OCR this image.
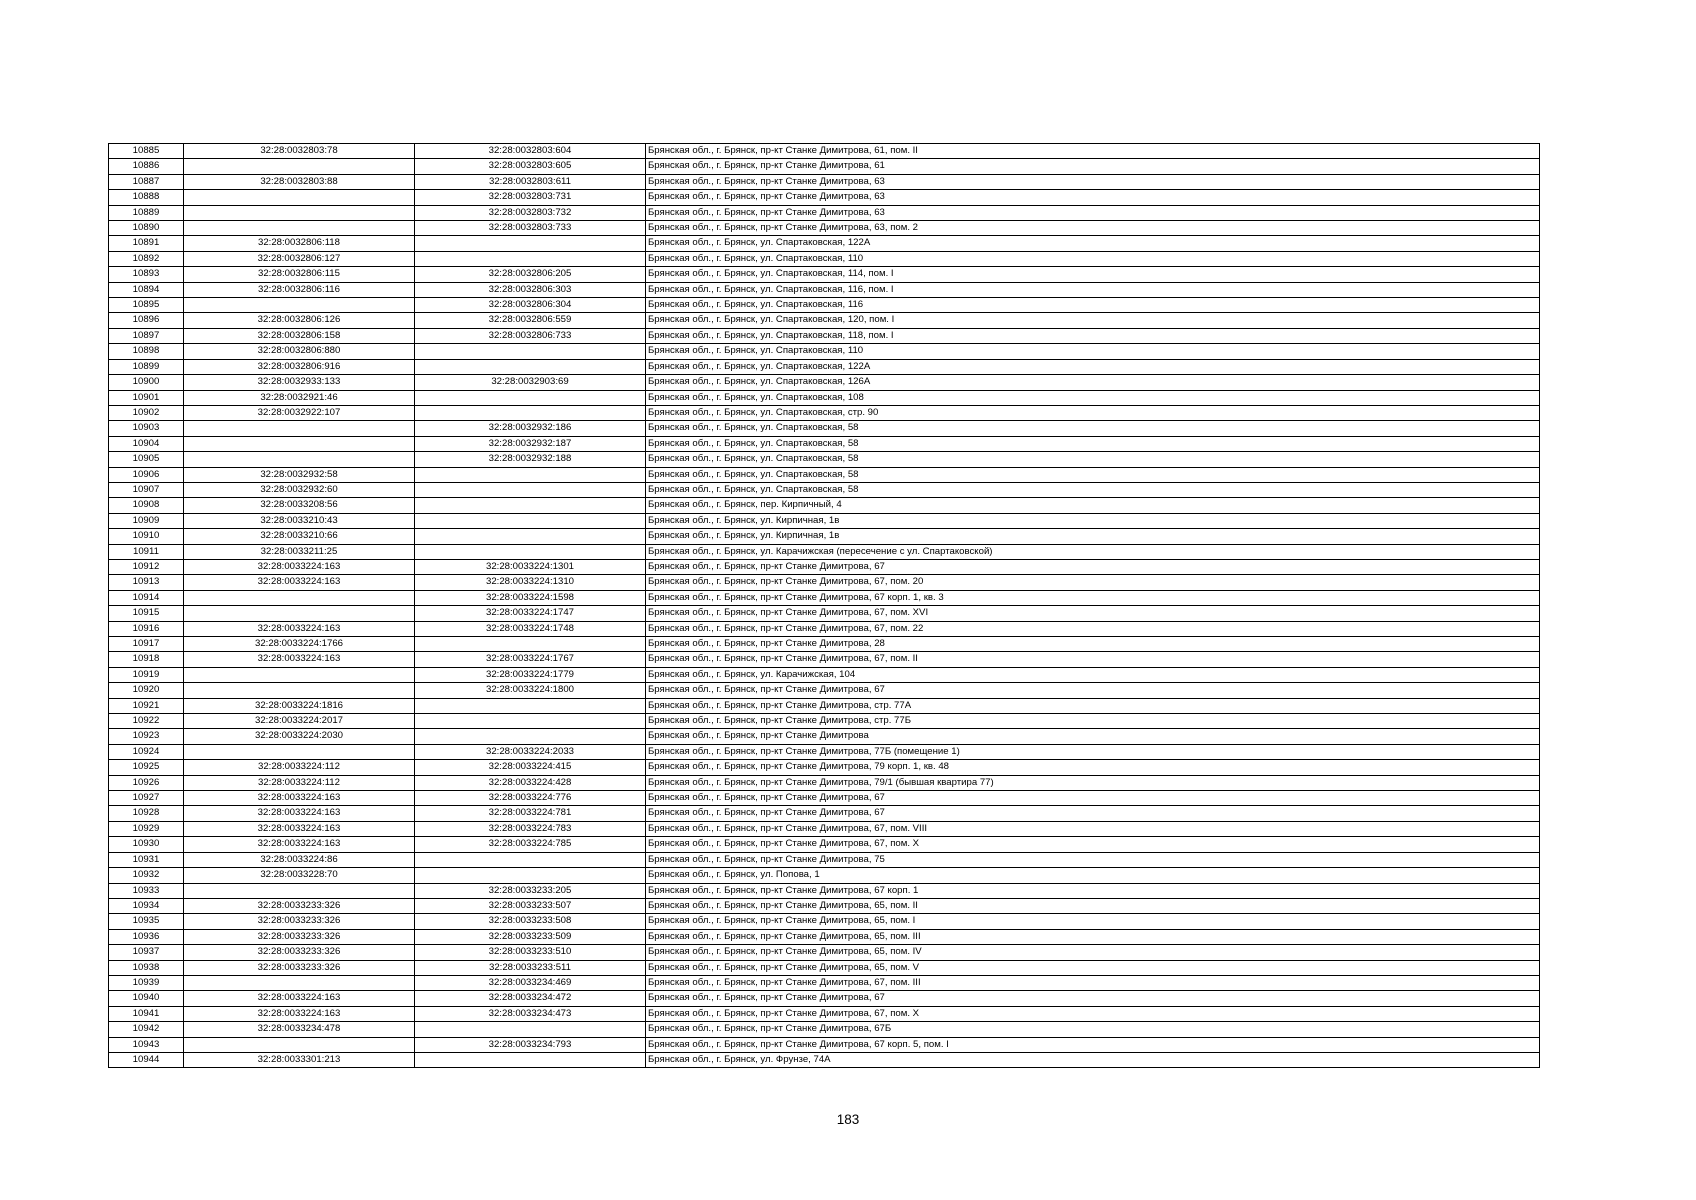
10885	32:28:0032803:78	32:28:0032803:604	Брянская обл., г. Брянск, пр-кт Станке Димитрова, 61, пом. II
10886		32:28:0032803:605	Брянская обл., г. Брянск, пр-кт Станке Димитрова, 61
10887	32:28:0032803:88	32:28:0032803:611	Брянская обл., г. Брянск, пр-кт Станке Димитрова, 63
10888		32:28:0032803:731	Брянская обл., г. Брянск, пр-кт Станке Димитрова, 63
10889		32:28:0032803:732	Брянская обл., г. Брянск, пр-кт Станке Димитрова, 63
10890		32:28:0032803:733	Брянская обл., г. Брянск, пр-кт Станке Димитрова, 63, пом. 2
10891	32:28:0032806:118		Брянская обл., г. Брянск, ул. Спартаковская, 122А
10892	32:28:0032806:127		Брянская обл., г. Брянск, ул. Спартаковская, 110
10893	32:28:0032806:115	32:28:0032806:205	Брянская обл., г. Брянск, ул. Спартаковская, 114, пом. I
10894	32:28:0032806:116	32:28:0032806:303	Брянская обл., г. Брянск, ул. Спартаковская, 116, пом. I
10895		32:28:0032806:304	Брянская обл., г. Брянск, ул. Спартаковская, 116
10896	32:28:0032806:126	32:28:0032806:559	Брянская обл., г. Брянск, ул. Спартаковская, 120, пом. I
10897	32:28:0032806:158	32:28:0032806:733	Брянская обл., г. Брянск, ул. Спартаковская, 118, пом. I
10898	32:28:0032806:880		Брянская обл., г. Брянск, ул. Спартаковская, 110
10899	32:28:0032806:916		Брянская обл., г. Брянск, ул. Спартаковская, 122А
10900	32:28:0032933:133	32:28:0032903:69	Брянская обл., г. Брянск, ул. Спартаковская, 126А
10901	32:28:0032921:46		Брянская обл., г. Брянск, ул. Спартаковская, 108
10902	32:28:0032922:107		Брянская обл., г. Брянск, ул. Спартаковская, стр. 90
10903		32:28:0032932:186	Брянская обл., г. Брянск, ул. Спартаковская, 58
10904		32:28:0032932:187	Брянская обл., г. Брянск, ул. Спартаковская, 58
10905		32:28:0032932:188	Брянская обл., г. Брянск, ул. Спартаковская, 58
10906	32:28:0032932:58		Брянская обл., г. Брянск, ул. Спартаковская, 58
10907	32:28:0032932:60		Брянская обл., г. Брянск, ул. Спартаковская, 58
10908	32:28:0033208:56		Брянская обл., г. Брянск, пер. Кирпичный, 4
10909	32:28:0033210:43		Брянская обл., г. Брянск, ул. Кирпичная, 1в
10910	32:28:0033210:66		Брянская обл., г. Брянск, ул. Кирпичная, 1в
10911	32:28:0033211:25		Брянская обл., г. Брянск, ул. Карачижская (пересечение с ул. Спартаковской)
10912	32:28:0033224:163	32:28:0033224:1301	Брянская обл., г. Брянск, пр-кт Станке Димитрова, 67
10913	32:28:0033224:163	32:28:0033224:1310	Брянская обл., г. Брянск, пр-кт Станке Димитрова, 67, пом. 20
10914		32:28:0033224:1598	Брянская обл., г. Брянск, пр-кт Станке Димитрова, 67 корп. 1, кв. 3
10915		32:28:0033224:1747	Брянская обл., г. Брянск, пр-кт Станке Димитрова, 67, пом. XVI
10916	32:28:0033224:163	32:28:0033224:1748	Брянская обл., г. Брянск, пр-кт Станке Димитрова, 67, пом. 22
10917	32:28:0033224:1766		Брянская обл., г. Брянск, пр-кт Станке Димитрова, 28
10918	32:28:0033224:163	32:28:0033224:1767	Брянская обл., г. Брянск, пр-кт Станке Димитрова, 67, пом. II
10919		32:28:0033224:1779	Брянская обл., г. Брянск, ул. Карачижская, 104
10920		32:28:0033224:1800	Брянская обл., г. Брянск, пр-кт Станке Димитрова, 67
10921	32:28:0033224:1816		Брянская обл., г. Брянск, пр-кт Станке Димитрова, стр. 77А
10922	32:28:0033224:2017		Брянская обл., г. Брянск, пр-кт Станке Димитрова, стр. 77Б
10923	32:28:0033224:2030		Брянская обл., г. Брянск, пр-кт Станке Димитрова
10924		32:28:0033224:2033	Брянская обл., г. Брянск, пр-кт Станке Димитрова, 77Б (помещение 1)
10925	32:28:0033224:112	32:28:0033224:415	Брянская обл., г. Брянск, пр-кт Станке Димитрова, 79 корп. 1, кв. 48
10926	32:28:0033224:112	32:28:0033224:428	Брянская обл., г. Брянск, пр-кт Станке Димитрова, 79/1 (бывшая квартира 77)
10927	32:28:0033224:163	32:28:0033224:776	Брянская обл., г. Брянск, пр-кт Станке Димитрова, 67
10928	32:28:0033224:163	32:28:0033224:781	Брянская обл., г. Брянск, пр-кт Станке Димитрова, 67
10929	32:28:0033224:163	32:28:0033224:783	Брянская обл., г. Брянск, пр-кт Станке Димитрова, 67, пом. VIII
10930	32:28:0033224:163	32:28:0033224:785	Брянская обл., г. Брянск, пр-кт Станке Димитрова, 67, пом. X
10931	32:28:0033224:86		Брянская обл., г. Брянск, пр-кт Станке Димитрова, 75
10932	32:28:0033228:70		Брянская обл., г. Брянск, ул. Попова, 1
10933		32:28:0033233:205	Брянская обл., г. Брянск, пр-кт Станке Димитрова, 67 корп. 1
10934	32:28:0033233:326	32:28:0033233:507	Брянская обл., г. Брянск, пр-кт Станке Димитрова, 65, пом. II
10935	32:28:0033233:326	32:28:0033233:508	Брянская обл., г. Брянск, пр-кт Станке Димитрова, 65, пом. I
10936	32:28:0033233:326	32:28:0033233:509	Брянская обл., г. Брянск, пр-кт Станке Димитрова, 65, пом. III
10937	32:28:0033233:326	32:28:0033233:510	Брянская обл., г. Брянск, пр-кт Станке Димитрова, 65, пом. IV
10938	32:28:0033233:326	32:28:0033233:511	Брянская обл., г. Брянск, пр-кт Станке Димитрова, 65, пом. V
10939		32:28:0033234:469	Брянская обл., г. Брянск, пр-кт Станке Димитрова, 67, пом. III
10940	32:28:0033224:163	32:28:0033234:472	Брянская обл., г. Брянск, пр-кт Станке Димитрова, 67
10941	32:28:0033224:163	32:28:0033234:473	Брянская обл., г. Брянск, пр-кт Станке Димитрова, 67, пом. X
10942	32:28:0033234:478		Брянская обл., г. Брянск, пр-кт Станке Димитрова, 67Б
10943		32:28:0033234:793	Брянская обл., г. Брянск, пр-кт Станке Димитрова, 67 корп. 5, пом. I
10944	32:28:0033301:213		Брянская обл., г. Брянск, ул. Фрунзе, 74А
183
